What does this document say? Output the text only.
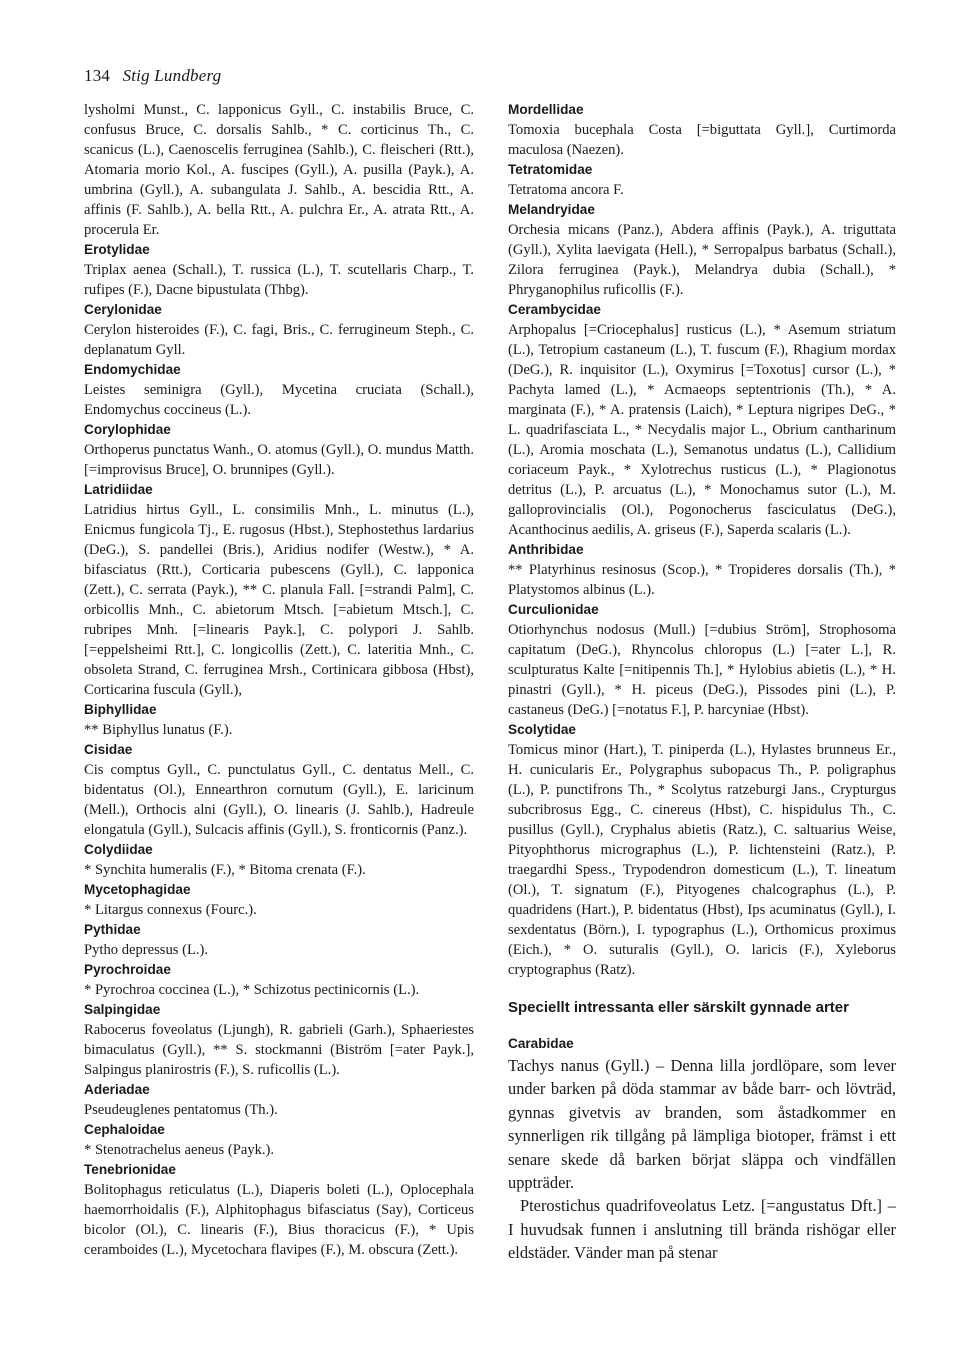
134 Stig Lundberg
lysholmi Munst., C. lapponicus Gyll., C. instabilis Bruce, C. confusus Bruce, C. dorsalis Sahlb., * C. corticinus Th., C. scanicus (L.), Caenoscelis ferruginea (Sahlb.), C. fleischeri (Rtt.), Atomaria morio Kol., A. fuscipes (Gyll.), A. pusilla (Payk.), A. umbrina (Gyll.), A. subangulata J. Sahlb., A. bescidia Rtt., A. affinis (F. Sahlb.), A. bella Rtt., A. pulchra Er., A. atrata Rtt., A. procerula Er.
Erotylidae
Triplax aenea (Schall.), T. russica (L.), T. scutellaris Charp., T. rufipes (F.), Dacne bipustulata (Thbg).
Cerylonidae
Cerylon histeroides (F.), C. fagi, Bris., C. ferrugineum Steph., C. deplanatum Gyll.
Endomychidae
Leistes seminigra (Gyll.), Mycetina cruciata (Schall.), Endomychus coccineus (L.).
Corylophidae
Orthoperus punctatus Wanh., O. atomus (Gyll.), O. mundus Matth. [=improvisus Bruce], O. brunnipes (Gyll.).
Latridiidae
Latridius hirtus Gyll., L. consimilis Mnh., L. minutus (L.), Enicmus fungicola Tj., E. rugosus (Hbst.), Stephostethus lardarius (DeG.), S. pandellei (Bris.), Aridius nodifer (Westw.), * A. bifasciatus (Rtt.), Corticaria pubescens (Gyll.), C. lapponica (Zett.), C. serrata (Payk.), ** C. planula Fall. [=strandi Palm], C. orbicollis Mnh., C. abietorum Mtsch. [=abietum Mtsch.], C. rubripes Mnh. [=linearis Payk.], C. polypori J. Sahlb. [=eppelsheimi Rtt.], C. longicollis (Zett.), C. lateritia Mnh., C. obsoleta Strand, C. ferruginea Mrsh., Cortinicara gibbosa (Hbst), Corticarina fuscula (Gyll.),
Biphyllidae
** Biphyllus lunatus (F.).
Cisidae
Cis comptus Gyll., C. punctulatus Gyll., C. dentatus Mell., C. bidentatus (Ol.), Ennearthron cornutum (Gyll.), E. laricinum (Mell.), Orthocis alni (Gyll.), O. linearis (J. Sahlb.), Hadreule elongatula (Gyll.), Sulcacis affinis (Gyll.), S. fronticornis (Panz.).
Colydiidae
* Synchita humeralis (F.), * Bitoma crenata (F.).
Mycetophagidae
* Litargus connexus (Fourc.).
Pythidae
Pytho depressus (L.).
Pyrochroidae
* Pyrochroa coccinea (L.), * Schizotus pectinicornis (L.).
Salpingidae
Rabocerus foveolatus (Ljungh), R. gabrieli (Garh.), Sphaeriestes bimaculatus (Gyll.), ** S. stockmanni (Biström [=ater Payk.], Salpingus planirostris (F.), S. ruficollis (L.).
Aderiadae
Pseudeuglenes pentatomus (Th.).
Cephaloidae
* Stenotrachelus aeneus (Payk.).
Tenebrionidae
Bolitophagus reticulatus (L.), Diaperis boleti (L.), Oplocephala haemorrhoidalis (F.), Alphitophagus bifasciatus (Say), Corticeus bicolor (Ol.), C. linearis (F.), Bius thoracicus (F.), * Upis ceramboides (L.), Mycetochara flavipes (F.), M. obscura (Zett.).
Mordellidae
Tomoxia bucephala Costa [=biguttata Gyll.], Curtimorda maculosa (Naezen).
Tetratomidae
Tetratoma ancora F.
Melandryidae
Orchesia micans (Panz.), Abdera affinis (Payk.), A. triguttata (Gyll.), Xylita laevigata (Hell.), * Serropalpus barbatus (Schall.), Zilora ferruginea (Payk.), Melandrya dubia (Schall.), * Phryganophilus ruficollis (F.).
Cerambycidae
Arphopalus [=Criocephalus] rusticus (L.), * Asemum striatum (L.), Tetropium castaneum (L.), T. fuscum (F.), Rhagium mordax (DeG.), R. inquisitor (L.), Oxymirus [=Toxotus] cursor (L.), * Pachyta lamed (L.), * Acmaeops septentrionis (Th.), * A. marginata (F.), * A. pratensis (Laich), * Leptura nigripes DeG., * L. quadrifasciata L., * Necydalis major L., Obrium cantharinum (L.), Aromia moschata (L.), Semanotus undatus (L.), Callidium coriaceum Payk., * Xylotrechus rusticus (L.), * Plagionotus detritus (L.), P. arcuatus (L.), * Monochamus sutor (L.), M. galloprovincialis (Ol.), Pogonocherus fasciculatus (DeG.), Acanthocinus aedilis, A. griseus (F.), Saperda scalaris (L.).
Anthribidae
** Platyrhinus resinosus (Scop.), * Tropideres dorsalis (Th.), * Platystomos albinus (L.).
Curculionidae
Otiorhynchus nodosus (Mull.) [=dubius Ström], Strophosoma capitatum (DeG.), Rhyncolus chloropus (L.) [=ater L.], R. sculpturatus Kalte [=nitipennis Th.], * Hylobius abietis (L.), * H. pinastri (Gyll.), * H. piceus (DeG.), Pissodes pini (L.), P. castaneus (DeG.) [=notatus F.], P. harcyniae (Hbst).
Scolytidae
Tomicus minor (Hart.), T. piniperda (L.), Hylastes brunneus Er., H. cunicularis Er., Polygraphus subopacus Th., P. poligraphus (L.), P. punctifrons Th., * Scolytus ratzeburgi Jans., Crypturgus subcribrosus Egg., C. cinereus (Hbst), C. hispidulus Th., C. pusillus (Gyll.), Cryphalus abietis (Ratz.), C. saltuarius Weise, Pityophthorus micrographus (L.), P. lichtensteini (Ratz.), P. traegardhi Spess., Trypodendron domesticum (L.), T. lineatum (Ol.), T. signatum (F.), Pityogenes chalcographus (L.), P. quadridens (Hart.), P. bidentatus (Hbst), Ips acuminatus (Gyll.), I. sexdentatus (Börn.), I. typographus (L.), Orthomicus proximus (Eich.), * O. suturalis (Gyll.), O. laricis (F.), Xyleborus cryptographus (Ratz).
Speciellt intressanta eller särskilt gynnade arter
Carabidae
Tachys nanus (Gyll.) – Denna lilla jordlöpare, som lever under barken på döda stammar av både barr- och lövträd, gynnas givetvis av branden, som åstadkommer en synnerligen rik tillgång på lämpliga biotoper, främst i ett senare skede då barken börjat släppa och vindfällen uppträder.
Pterostichus quadrifoveolatus Letz. [=angustatus Dft.] – I huvudsak funnen i anslutning till brända rishögar eller eldstäder. Vänder man på stenar
